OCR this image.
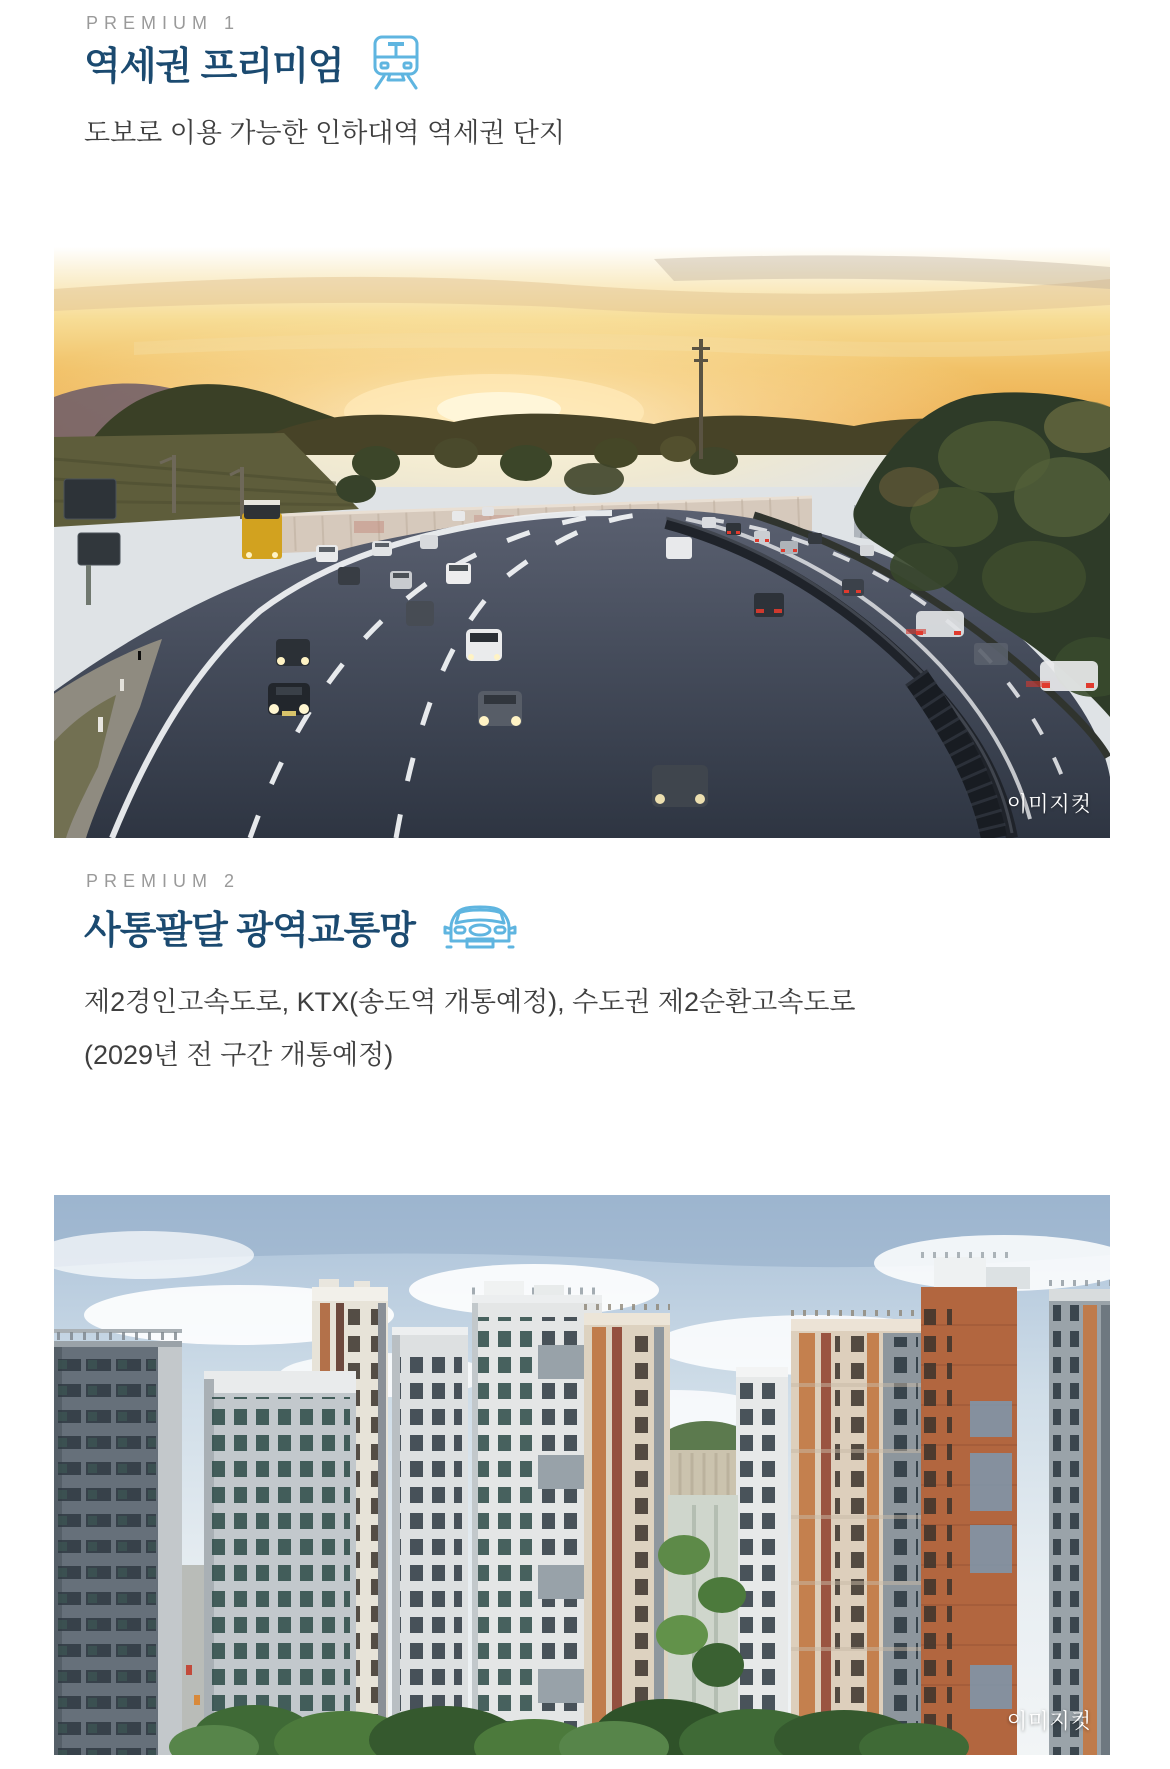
PREMIUM 1
역세권 프리미엄
도보로 이용 가능한 인하대역 역세권 단지
이미지컷
PREMIUM 2
사통팔달 광역교통망
제2경인고속도로, KTX(송도역 개통예정), 수도권 제2순환고속도로
(2029년 전 구간 개통예정)
이미지컷
